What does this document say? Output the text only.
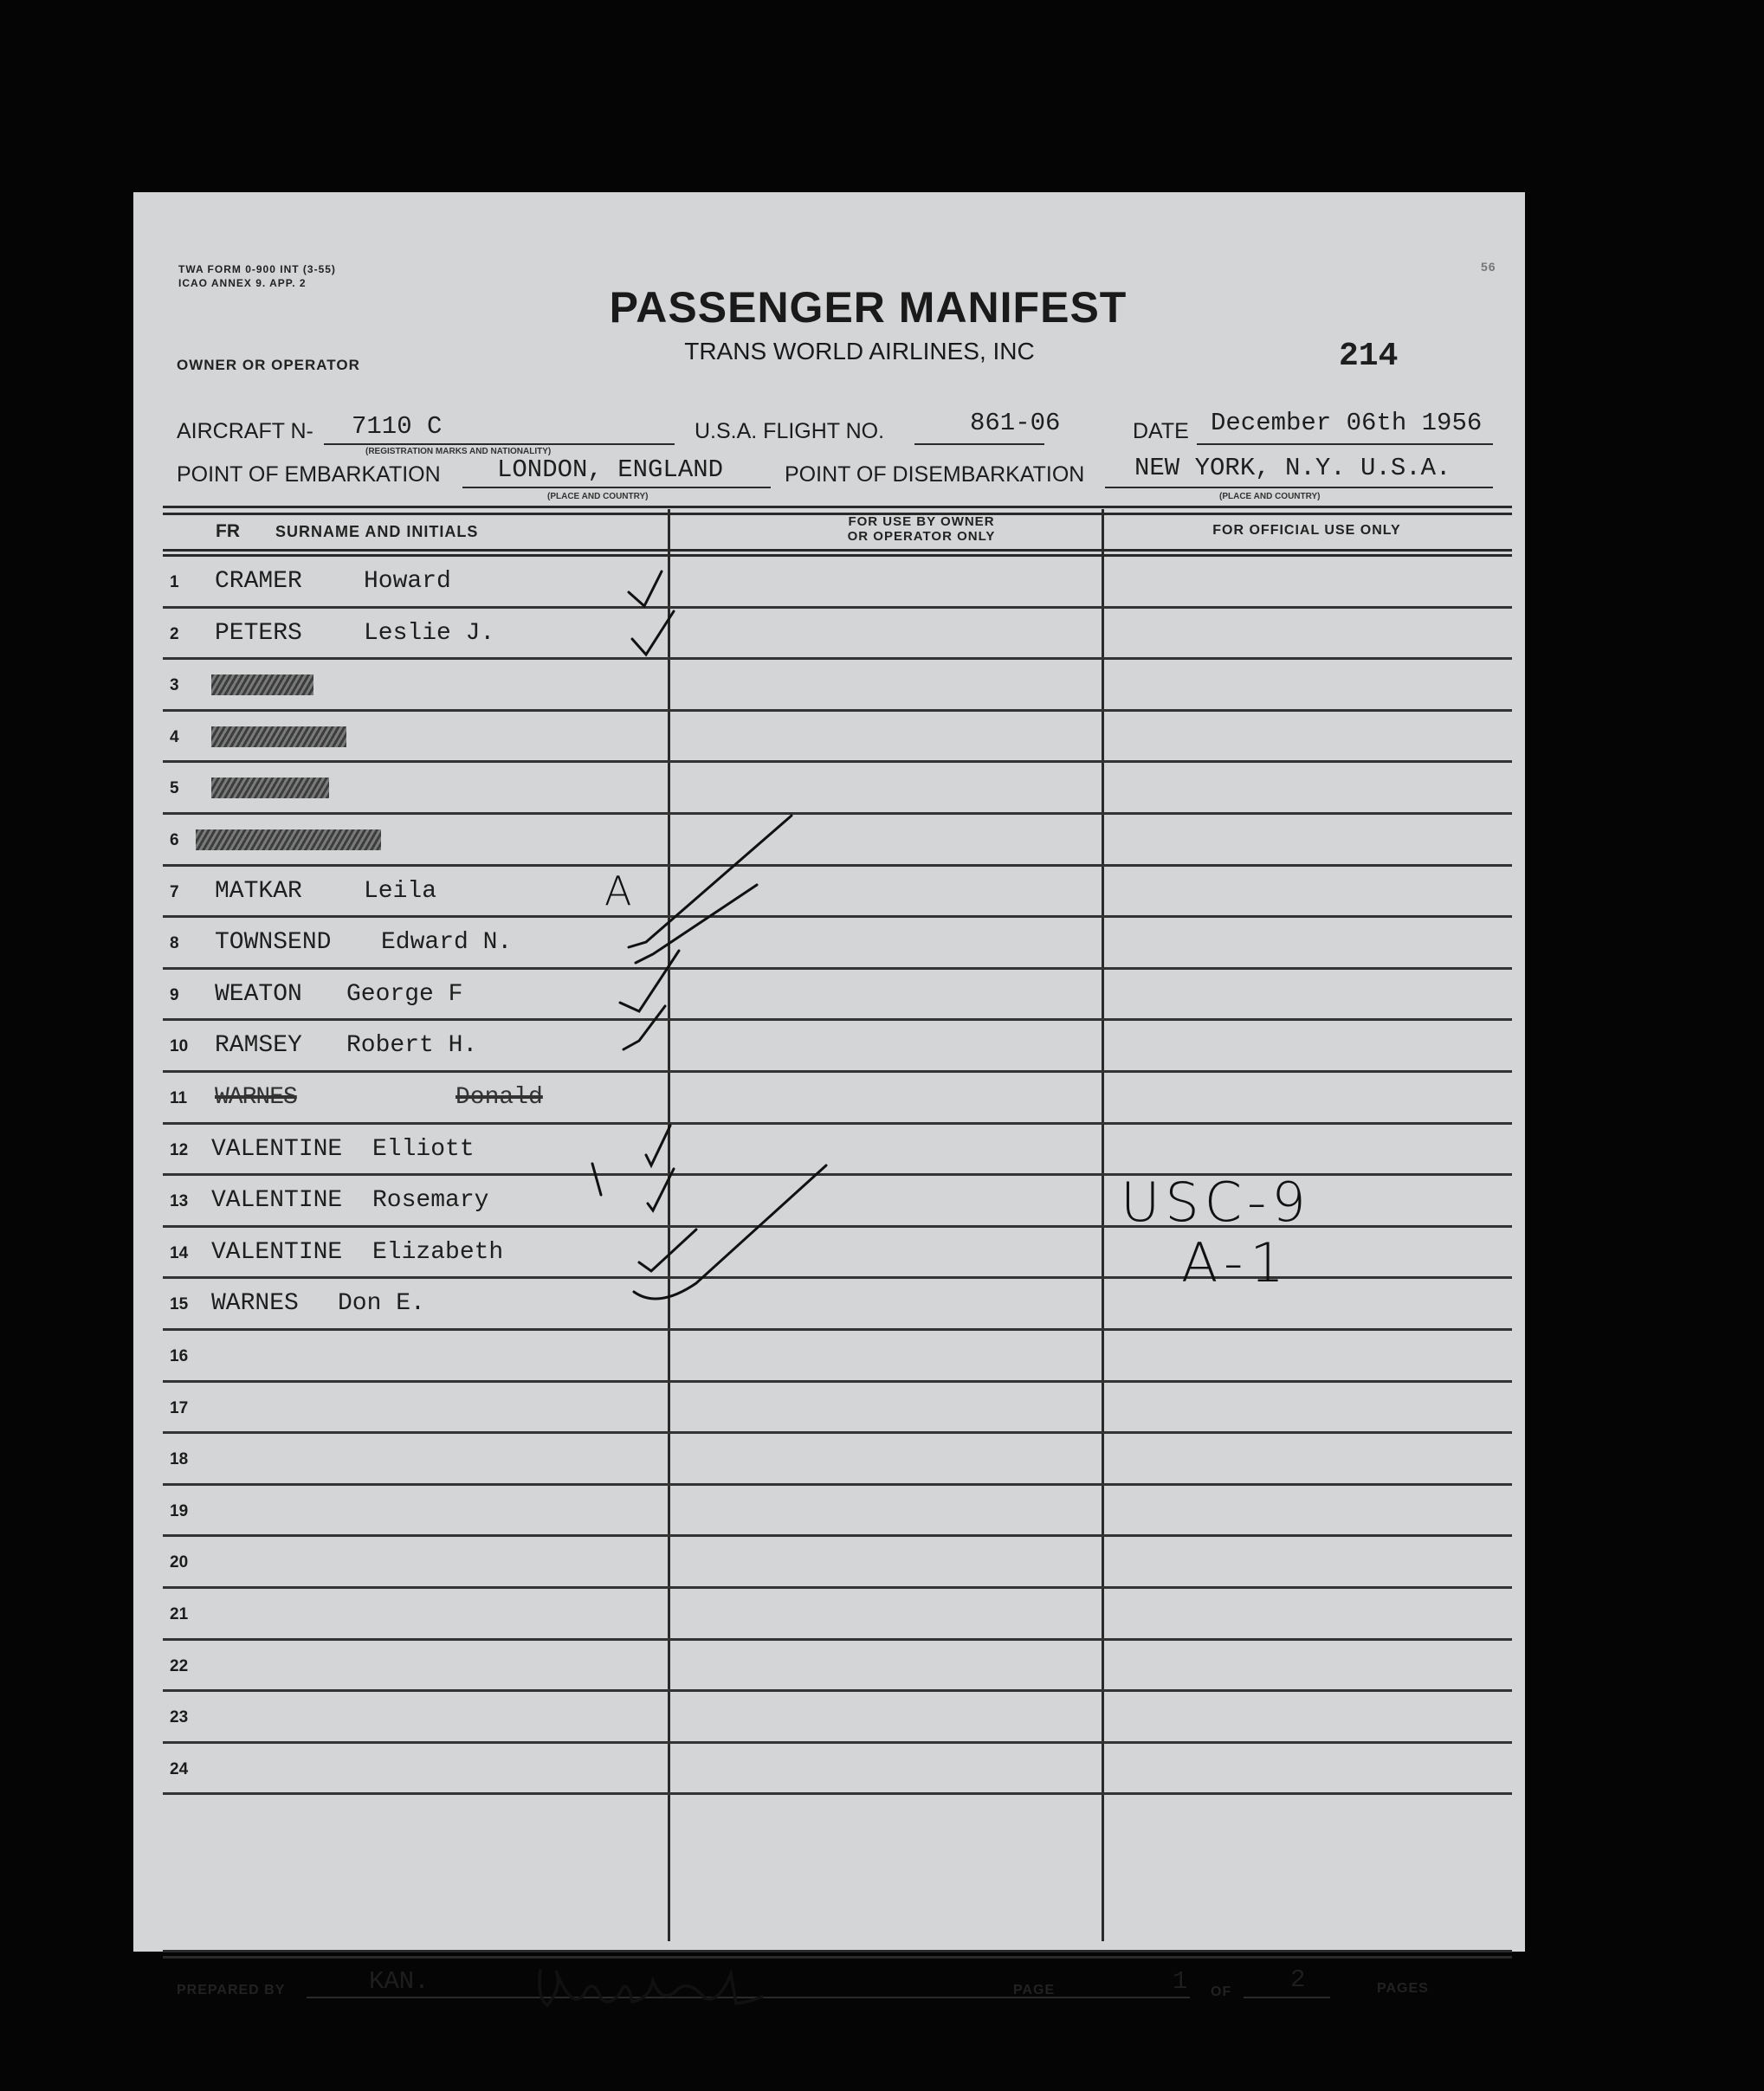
TWA FORM 0-900 INT (3-55)
ICAO ANNEX 9. APP. 2
56
PASSENGER MANIFEST
TRANS WORLD AIRLINES, INC	214
OWNER OR OPERATOR
AIRCRAFT N- 7110 C
(REGISTRATION MARKS AND NATIONALITY)
U.S.A. FLIGHT NO.	861-06	DATE December 06th 1956
POINT OF EMBARKATION LONDON, ENGLAND
(PLACE AND COUNTRY)
POINT OF DISEMBARKATION NEW YORK, N.Y. U.S.A.
(PLACE AND COUNTRY)
FR SURNAME AND INITIALS
FOR USE BY OWNER
OR OPERATOR ONLY	FOR OFFICIAL USE ONLY
1 CRAMER	Howard
2 PETERS	Leslie J.
3
4
5
6
7 MATKAR	Leila
8 TOWNSEND Edward N.
9 WEATON George F
10 RAMSEY Robert H.
11 WARNES	Donald
12 VALENTINE Elliott
13 VALENTINE Rosemary
14 VALENTINE Elizabeth
15 WARNES Don E.
16
17
18
19
20
21
22
23
24
PREPARED BY	KAN.	PAGE	1 OF 2	PAGES
A
USC-9
A-1
